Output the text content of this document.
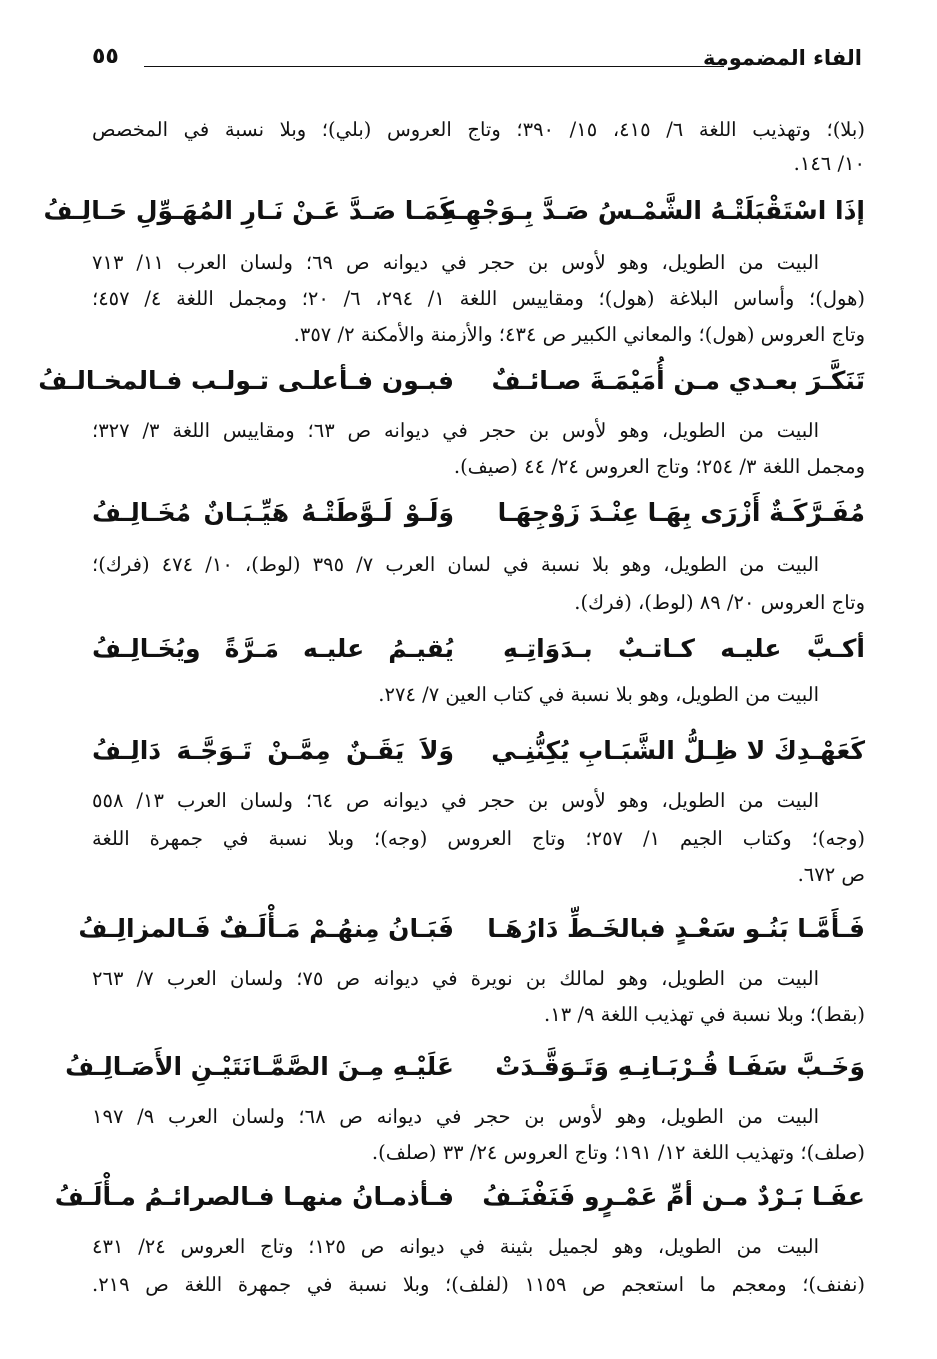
الفاء المضمومة
٥٥
(بلا)؛ وتهذيب اللغة ٦/ ٤١٥، ١٥/ ٣٩٠؛ وتاج العروس (بلي)؛ وبلا نسبة في المخصص
١٠/ ١٤٦.
إذَا اسْتَقْبَلَتْـهُ الشَّمْـسُ صَـدَّ بِـوَجْهِـهِ
كَمَـا صَـدَّ عَـنْ نَـارِ المُهَـوِّلِ حَـالِـفُ
البيت من الطويل، وهو لأوس بن حجر في ديوانه ص ٦٩؛ ولسان العرب ١١/ ٧١٣
(هول)؛ وأساس البلاغة (هول)؛ ومقاييس اللغة ١/ ٢٩٤، ٦/ ٢٠؛ ومجمل اللغة ٤/ ٤٥٧؛
وتاج العروس (هول)؛ والمعاني الكبير ص ٤٣٤؛ والأزمنة والأمكنة ٢/ ٣٥٧.
تَنَكَّـرَ بعـدي مـن أُمَيْمَـةَ صـائـفٌ
فبـون فـأعلـى تـولـب فـالمخـالـفُ
البيت من الطويل، وهو لأوس بن حجر في ديوانه ص ٦٣؛ ومقاييس اللغة ٣/ ٣٢٧؛
ومجمل اللغة ٣/ ٢٥٤؛ وتاج العروس ٢٤/ ٤٤ (صيف).
مُفَـرَّكَـةٌ أَزْرَى بِهَـا عِنْـدَ زَوْجِهَـا
وَلَـوْ لَـوَّطَتْـهُ هَيِّـبَـانٌ مُخَـالِـفُ
البيت من الطويل، وهو بلا نسبة في لسان العرب ٧/ ٣٩٥ (لوط)، ١٠/ ٤٧٤ (فرك)؛
وتاج العروس ٢٠/ ٨٩ (لوط)، (فرك).
أكـبَّ عليـه كـاتـبٌ بـدَوَاتِـهِ
يُقيـمُ عليـه مَـرَّةً ويُخَـالِـفُ
البيت من الطويل، وهو بلا نسبة في كتاب العين ٧/ ٢٧٤.
كَعَهْـدِكَ لا ظِـلُّ الشَّبَـابِ يُكِنُّنِـي
وَلاَ يَقَـنٌ مِمَّـنْ تَـوَجَّـهَ دَالِـفُ
البيت من الطويل، وهو لأوس بن حجر في ديوانه ص ٦٤؛ ولسان العرب ١٣/ ٥٥٨
(وجه)؛ وكتاب الجيم ١/ ٢٥٧؛ وتاج العروس (وجه)؛ وبلا نسبة في جمهرة اللغة
ص ٦٧٢.
فَـأَمَّـا بَنُـو سَعْـدٍ فبالخَـطِّ دَارُهَـا
فَبَـانُ مِنهُـمْ مَـأْلَـفٌ فَـالمزالِـفُ
البيت من الطويل، وهو لمالك بن نويرة في ديوانه ص ٧٥؛ ولسان العرب ٧/ ٢٦٣
(بقط)؛ وبلا نسبة في تهذيب اللغة ٩/ ١٣.
وَخَـبَّ سَفَـا قُـرْبَـانِـهِ وَتَـوَقَّـدَتْ
عَلَيْـهِ مِـنَ الصَّمَّـانَتَيْـنِ الأَصَـالِـفُ
البيت من الطويل، وهو لأوس بن حجر في ديوانه ص ٦٨؛ ولسان العرب ٩/ ١٩٧
(صلف)؛ وتهذيب اللغة ١٢/ ١٩١؛ وتاج العروس ٢٤/ ٣٣ (صلف).
عفَـا بَـرْدٌ مـن أمِّ عَمْـرٍو فَنَفْنَـفُ
فـأذمـانُ منهـا فـالصرائـمُ مـأْلَـفُ
البيت من الطويل، وهو لجميل بثينة في ديوانه ص ١٢٥؛ وتاج العروس ٢٤/ ٤٣١
(نفنف)؛ ومعجم ما استعجم ص ١١٥٩ (لفلف)؛ وبلا نسبة في جمهرة اللغة ص ٢١٩.
